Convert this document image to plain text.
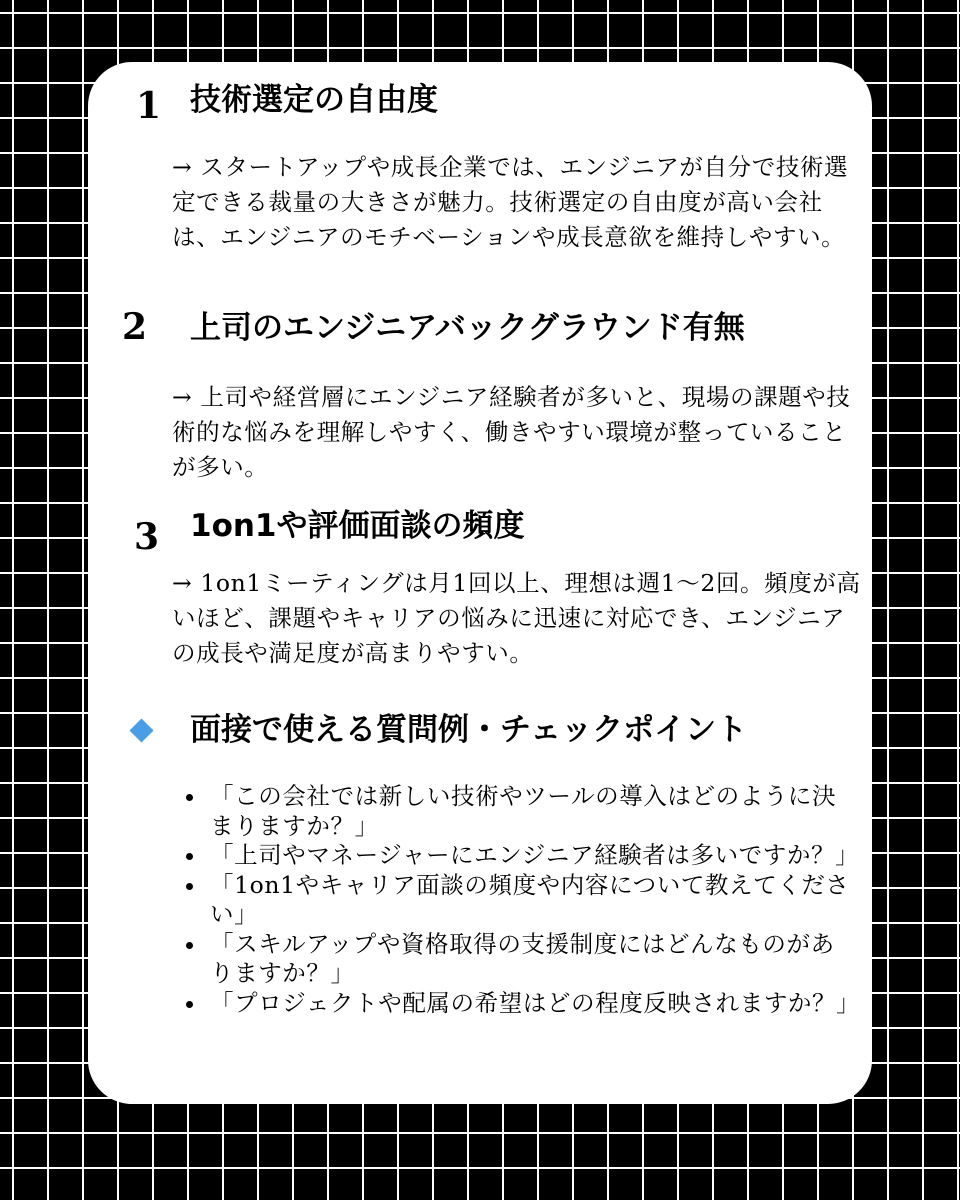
1 技術選定の自由度
→ スタートアップや成長企業では、エンジニアが自分で技術選定できる裁量の大きさが魅力。技術選定の自由度が高い会社は、エンジニアのモチベーションや成長意欲を維持しやすい。
2 上司のエンジニアバックグラウンド有無
→ 上司や経営層にエンジニア経験者が多いと、現場の課題や技術的な悩みを理解しやすく、働きやすい環境が整っていることが多い。
3 1on1や評価面談の頻度
→ 1on1ミーティングは月1回以上、理想は週1〜2回。頻度が高いほど、課題やキャリアの悩みに迅速に対応でき、エンジニアの成長や満足度が高まりやすい。
面接で使える質問例・チェックポイント
「この会社では新しい技術やツールの導入はどのように決まりますか？」
「上司やマネージャーにエンジニア経験者は多いですか？」
「1on1やキャリア面談の頻度や内容について教えてください」
「スキルアップや資格取得の支援制度にはどんなものがありますか？」
「プロジェクトや配属の希望はどの程度反映されますか？」
